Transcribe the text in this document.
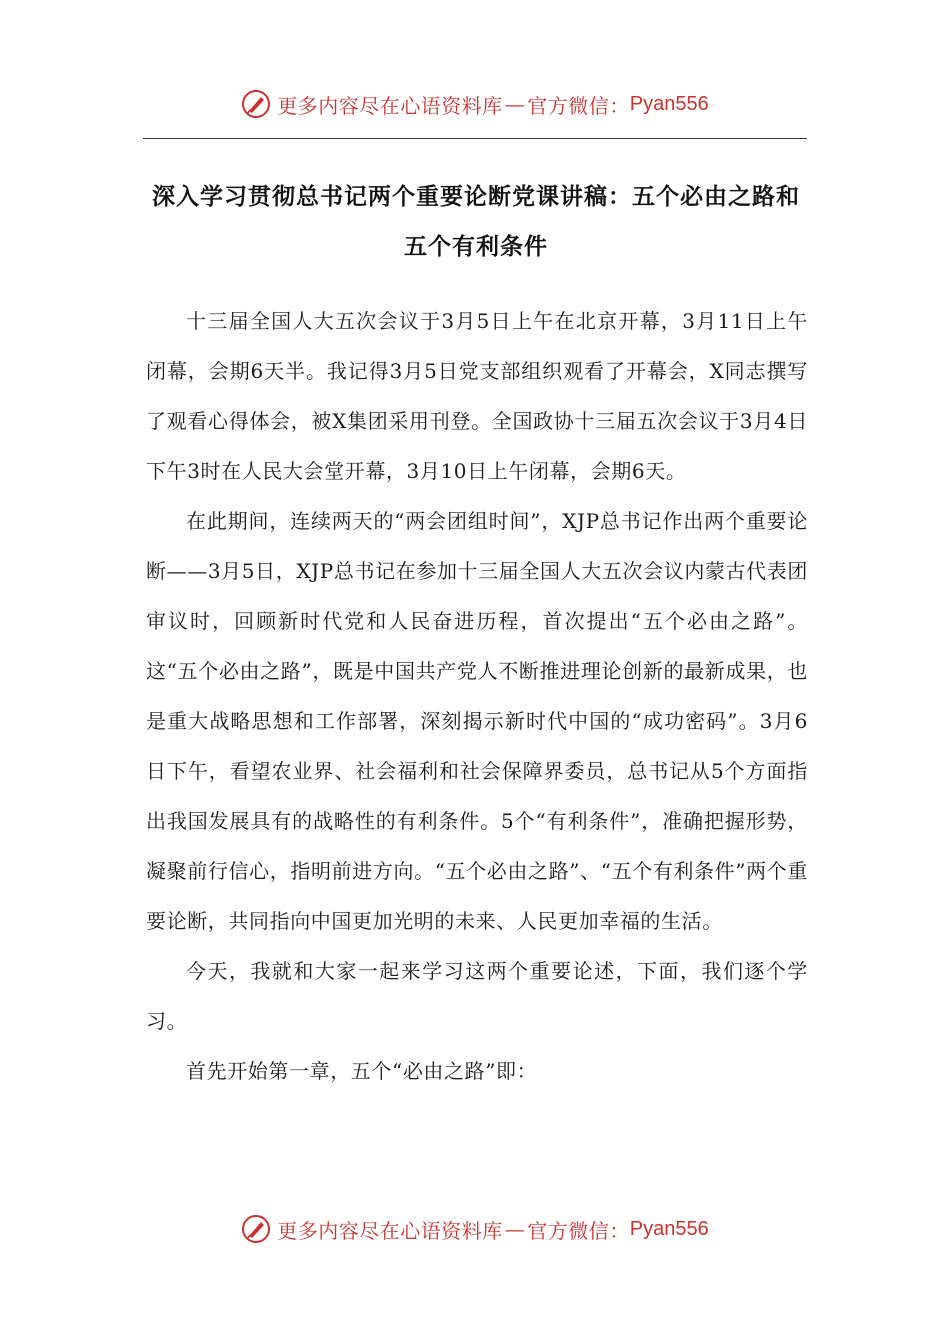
更多内容尽在心语资料库 — 官方微信： Pyan556
深入学习贯彻总书记两个重要论断党课讲稿：五个必由之路和五个有利条件

十三届全国人大五次会议于3月5日上午在北京开幕，3月11日上午闭幕，会期6天半。我记得3月5日党支部组织观看了开幕会，X同志撰写了观看心得体会，被X集团采用刊登。全国政协十三届五次会议于3月4日下午3时在人民大会堂开幕，3月10日上午闭幕，会期6天。

在此期间，连续两天的“两会团组时间”，XJP总书记作出两个重要论断——3月5日，XJP总书记在参加十三届全国人大五次会议内蒙古代表团审议时，回顾新时代党和人民奋进历程，首次提出“五个必由之路”。这“五个必由之路”，既是中国共产党人不断推进理论创新的最新成果，也是重大战略思想和工作部署，深刻揭示新时代中国的“成功密码”。3月6日下午，看望农业界、社会福利和社会保障界委员，总书记从5个方面指出我国发展具有的战略性的有利条件。5个“有利条件”，准确把握形势，凝聚前行信心，指明前进方向。“五个必由之路”、“五个有利条件”两个重要论断，共同指向中国更加光明的未来、人民更加幸福的生活。

今天，我就和大家一起来学习这两个重要论述，下面，我们逐个学习。

首先开始第一章，五个“必由之路”即：

更多内容尽在心语资料库 — 官方微信： Pyan556
